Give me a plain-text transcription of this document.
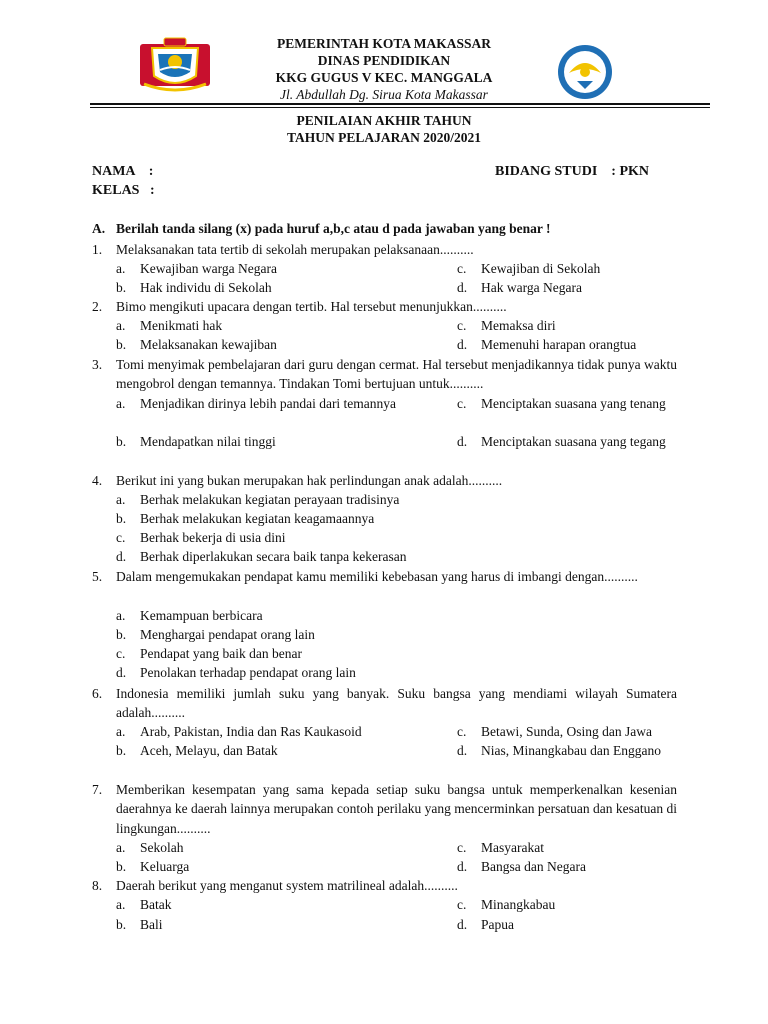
PEMERINTAH KOTA MAKASSAR
DINAS PENDIDIKAN
KKG GUGUS V KEC. MANGGALA
Jl. Abdullah Dg. Sirua Kota Makassar
PENILAIAN AKHIR TAHUN
TAHUN PELAJARAN 2020/2021
NAMA    :
KELAS   :
BIDANG STUDI    : PKN
A. Berilah tanda silang (x) pada huruf a,b,c atau d pada jawaban yang benar !
1. Melaksanakan tata tertib di sekolah merupakan pelaksanaan..........
a. Kewajiban warga Negara
b. Hak individu di Sekolah
c. Kewajiban di Sekolah
d. Hak warga Negara
2. Bimo mengikuti upacara dengan tertib. Hal tersebut menunjukkan..........
a. Menikmati hak
b. Melaksanakan kewajiban
c. Memaksa diri
d. Memenuhi harapan orangtua
3. Tomi menyimak pembelajaran dari guru dengan cermat. Hal tersebut menjadikannya tidak punya waktu mengobrol dengan temannya. Tindakan Tomi bertujuan untuk..........
a. Menjadikan dirinya lebih pandai dari temannya
b. Mendapatkan nilai tinggi
c. Menciptakan suasana yang tenang
d. Menciptakan suasana yang tegang
4. Berikut ini yang bukan merupakan hak perlindungan anak adalah..........
a. Berhak melakukan kegiatan perayaan tradisinya
b. Berhak melakukan kegiatan keagamaannya
c. Berhak bekerja di usia dini
d. Berhak diperlakukan secara baik tanpa kekerasan
5. Dalam mengemukakan pendapat kamu memiliki kebebasan yang harus di imbangi dengan..........
a. Kemampuan berbicara
b. Menghargai pendapat orang lain
c. Pendapat yang baik dan benar
d. Penolakan terhadap pendapat orang lain
6. Indonesia memiliki jumlah suku yang banyak. Suku bangsa yang mendiami wilayah Sumatera adalah..........
a. Arab, Pakistan, India dan Ras Kaukasoid
b. Aceh, Melayu, dan Batak
c. Betawi, Sunda, Osing dan Jawa
d. Nias, Minangkabau dan Enggano
7. Memberikan kesempatan yang sama kepada setiap suku bangsa untuk memperkenalkan kesenian daerahnya ke daerah lainnya merupakan contoh perilaku yang mencerminkan persatuan dan kesatuan di lingkungan..........
a. Sekolah
b. Keluarga
c. Masyarakat
d. Bangsa dan Negara
8. Daerah berikut yang menganut system matrilineal adalah..........
a. Batak
b. Bali
c. Minangkabau
d. Papua
